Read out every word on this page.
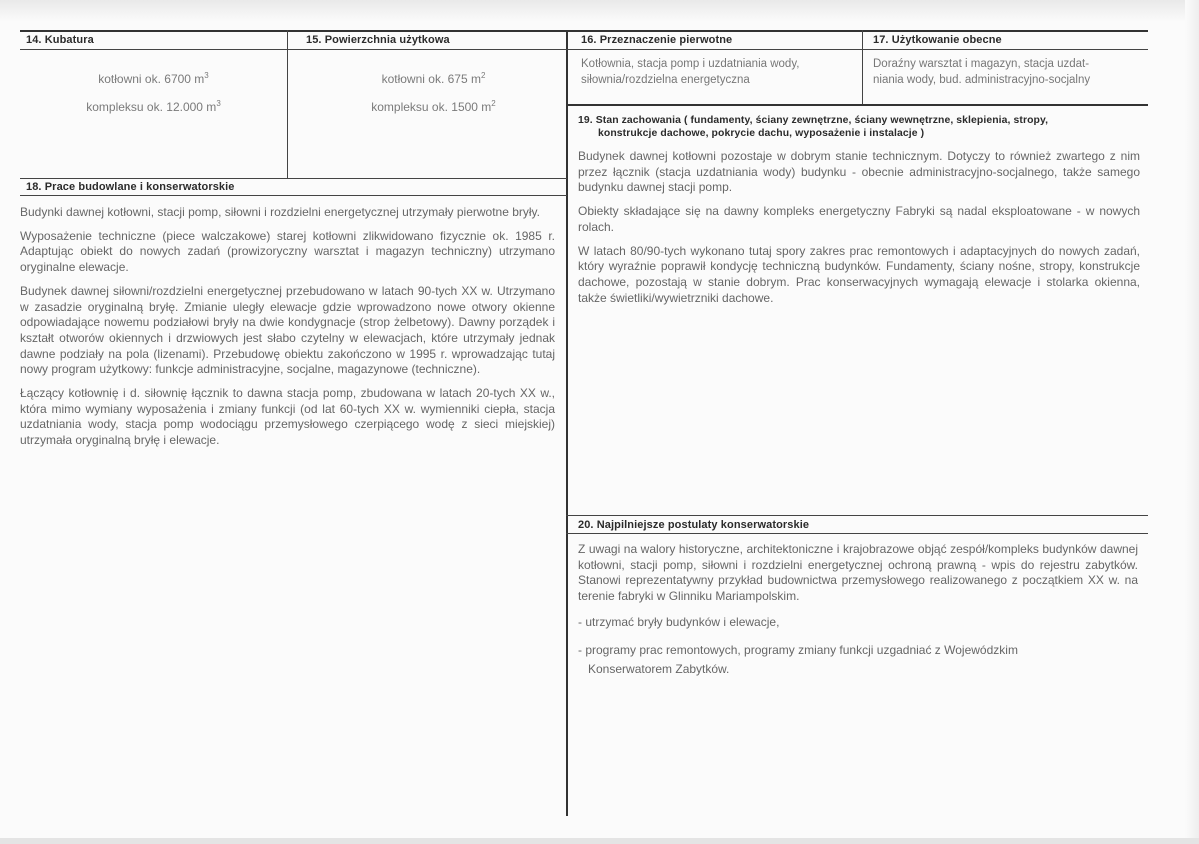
14. Kubatura

kotłowni ok. 6700 $m^3$

kompleksu ok. 12.000 $m^3$

15. Powierzchnia użytkowa

kotłowni ok. 675 $m^2$

kompleksu ok. 1500 $m^2$

16. Przeznaczenie pierwotne
Kotłownia, stacja pomp i uzdatniania wody,
siłownia/rozdzielna energetyczna
17. Użytkowanie obecne
Doraźny warsztat i magazyn, stacja uzdat-
niania wody, bud. administracyjno-socjalny
18. Prace budowlane i konserwatorskie

Budynki dawnej kotłowni, stacji pomp, siłowni i rozdzielni energetycznej utrzymały pierwotne bryły.

Wyposażenie techniczne (piece walczakowe) starej kotłowni zlikwidowano fizycznie ok. 1985 r. Adaptując obiekt do nowych zadań (prowizoryczny warsztat i magazyn techniczny) utrzymano oryginalne elewacje.

Budynek dawnej siłowni/rozdzielni energetycznej przebudowano w latach 90-tych XX w. Utrzymano w zasadzie oryginalną bryłę. Zmianie uległy elewacje gdzie wprowadzono nowe otwory okienne odpowiadające nowemu podziałowi bryły na dwie kondygnacje (strop żelbetowy). Dawny porządek i kształt otworów okiennych i drzwiowych jest słabo czytelny w elewacjach, które utrzymały jednak dawne podziały na pola (lizenami). Przebudowę obiektu zakończono w 1995 r. wprowadzając tutaj nowy program użytkowy: funkcje administracyjne, socjalne, magazynowe (techniczne).

Łączący kotłownię i d. siłownię łącznik to dawna stacja pomp, zbudowana w latach 20-tych XX w., która mimo wymiany wyposażenia i zmiany funkcji (od lat 60-tych XX w. wymienniki ciepła, stacja uzdatniania wody, stacja pomp wodociągu przemysłowego czerpiącego wodę z sieci miejskiej) utrzymała oryginalną bryłę i elewacje.

19. Stan zachowania ( fundamenty, ściany zewnętrzne, ściany wewnętrzne, sklepienia, stropy,
konstrukcje dachowe, pokrycie dachu, wyposażenie i instalacje )

Budynek dawnej kotłowni pozostaje w dobrym stanie technicznym. Dotyczy to również zwartego z nim przez łącznik (stacja uzdatniania wody) budynku - obecnie administracyjno-socjalnego, także samego budynku dawnej stacji pomp.

Obiekty składające się na dawny kompleks energetyczny Fabryki są nadal eksploatowane - w nowych rolach.

W latach 80/90-tych wykonano tutaj spory zakres prac remontowych i adaptacyjnych do nowych zadań, który wyraźnie poprawił kondycję techniczną budynków. Fundamenty, ściany nośne, stropy, konstrukcje dachowe, pozostają w stanie dobrym. Prac konserwacyjnych wymagają elewacje i stolarka okienna, także świetliki/wywietrzniki dachowe.

20. Najpilniejsze postulaty konserwatorskie

Z uwagi na walory historyczne, architektoniczne i krajobrazowe objąć zespół/kompleks budynków dawnej kotłowni, stacji pomp, siłowni i rozdzielni energetycznej ochroną prawną - wpis do rejestru zabytków. Stanowi reprezentatywny przykład budownictwa przemysłowego realizowanego z początkiem XX w. na terenie fabryki w Glinniku Mariampolskim.

- utrzymać bryły budynków i elewacje,

- programy prac remontowych, programy zmiany funkcji uzgadniać z Wojewódzkim

Konserwatorem Zabytków.
